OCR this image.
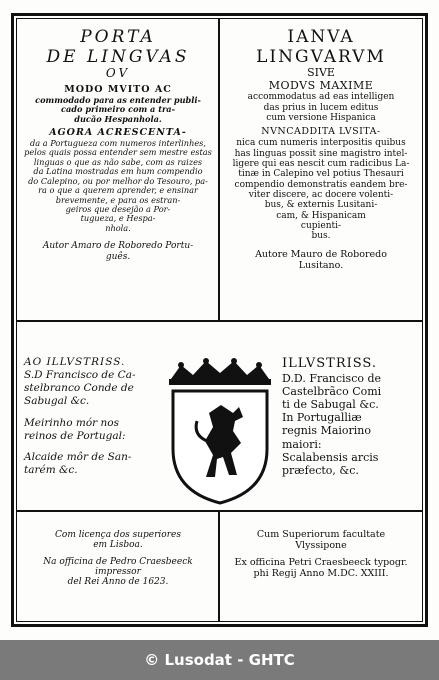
PORTA
DE LINGVAS
OV
MODO MVITO AC
commodado para as entender publi-
cado primeiro com a tra-
ducão Hespanhola.
AGORA ACRESCENTA-
da a Portugueza com numeros interlinhes,
pelos quais possa entender sem mestre estas
linguas o que as não sabe, com as raizes
da Latina mostradas em hum compendio
do Calepino, ou por melhor do Tesouro, pa-
ra o que a querem aprender, e ensinar
brevemente, e para os estran-
geiros que desejão a Por-
tugueza, e Hespa-
nhola.
Autor Amaro de Roboredo Portu-
guês.
IANVA
LINGVARVM
SIVE
MODVS MAXIME
accommodatus ad eas intelligen
das prius in lucem editus
cum versione Hispanica
NVNCADDITA LVSITA-
nica cum numeris interpositis quibus
has linguas possit sine magistro intel-
ligere qui eas nescit cum radicibus La-
tinæ in Calepino vel potius Thesauri
compendio demonstratis eandem bre-
viter discere, ac docere volenti-
bus, & externis Lusitani-
cam, & Hispanicam
cupienti-
bus.
Autore Mauro de Roboredo
Lusitano.
AO ILLVSTRISS.
S.D Francisco de Ca-
stelbranco Conde de
Sabugal &c.
Meirinho mór nos
reinos de Portugal:
Alcaide môr de San-
tarém &c.
ILLVSTRISS.
D.D. Francisco de
Castelbrãco Comi
ti de Sabugal &c.
In Portugalliæ
regnis Maiorino
maiori:
Scalabensis arcis
præfecto, &c.
Com licença dos superiores
em Lisboa.
Na officina de Pedro Craesbeeck impressor
del Rei Anno de 1623.
Cum Superiorum facultate
Vlyssipone
Ex officina Petri Craesbeeck typogr.
phi Regij Anno M.DC. XXIII.
© Lusodat - GHTC
